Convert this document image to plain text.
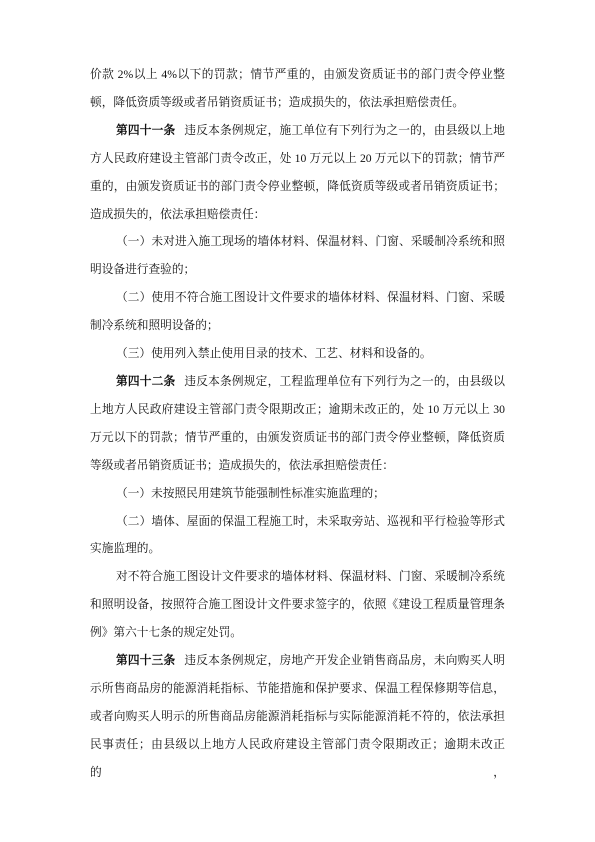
价款 2%以上 4%以下的罚款；情节严重的，由颁发资质证书的部门责令停业整
顿，降低资质等级或者吊销资质证书；造成损失的，依法承担赔偿责任。
第四十一条 违反本条例规定，施工单位有下列行为之一的，由县级以上地
方人民政府建设主管部门责令改正，处 10 万元以上 20 万元以下的罚款；情节严
重的，由颁发资质证书的部门责令停业整顿，降低资质等级或者吊销资质证书；
造成损失的，依法承担赔偿责任：
（一）未对进入施工现场的墙体材料、保温材料、门窗、采暖制冷系统和照
明设备进行查验的；
（二）使用不符合施工图设计文件要求的墙体材料、保温材料、门窗、采暖
制冷系统和照明设备的；
（三）使用列入禁止使用目录的技术、工艺、材料和设备的。
第四十二条 违反本条例规定，工程监理单位有下列行为之一的，由县级以
上地方人民政府建设主管部门责令限期改正；逾期未改正的，处 10 万元以上 30
万元以下的罚款；情节严重的，由颁发资质证书的部门责令停业整顿，降低资质
等级或者吊销资质证书；造成损失的，依法承担赔偿责任：
（一）未按照民用建筑节能强制性标准实施监理的；
（二）墙体、屋面的保温工程施工时，未采取旁站、巡视和平行检验等形式
实施监理的。
对不符合施工图设计文件要求的墙体材料、保温材料、门窗、采暖制冷系统
和照明设备，按照符合施工图设计文件要求签字的，依照《建设工程质量管理条
例》第六十七条的规定处罚。
第四十三条 违反本条例规定，房地产开发企业销售商品房，未向购买人明
示所售商品房的能源消耗指标、节能措施和保护要求、保温工程保修期等信息，
或者向购买人明示的所售商品房能源消耗指标与实际能源消耗不符的，依法承担
民事责任；由县级以上地方人民政府建设主管部门责令限期改正；逾期未改正的，
